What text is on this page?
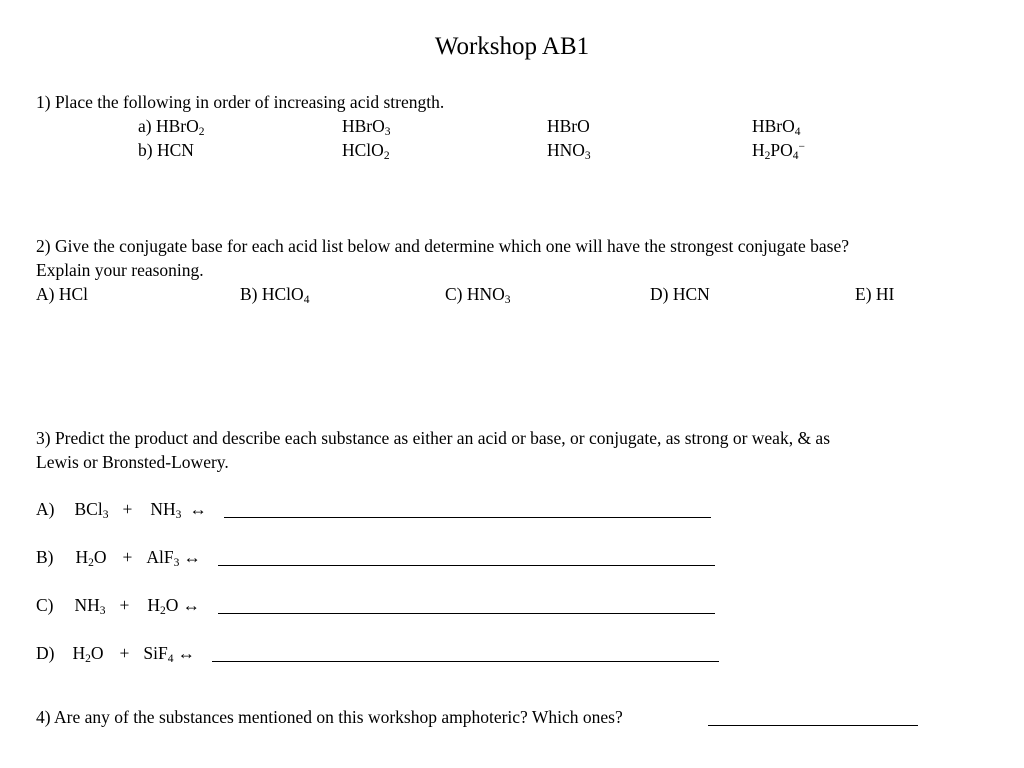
Workshop AB1
1) Place the following in order of increasing acid strength.
a) HBrO$_2$	HBrO$_3$	HBrO	HBrO$_4$
b) HCN	HClO$_2$	$HNO_3$	$H_2PO_4^-$
2) Give the conjugate base for each acid list below and determine which one will have the strongest conjugate base?
Explain your reasoning.
A) HCl	B) HClO$_4$	C) $HNO_3$	D) HCN	E) HI
3) Predict the product and describe each substance as either an acid or base, or conjugate, as strong or weak, & as
Lewis or Bronsted-Lowery.
A) $BCl_3 + NH_3$ ↔
B) $H_2O + AlF_3$ ↔
C) $NH_3 + H_2O$ ↔
D) $H_2O + SiF_4$ ↔
4) Are any of the substances mentioned on this workshop amphoteric? Which ones?
